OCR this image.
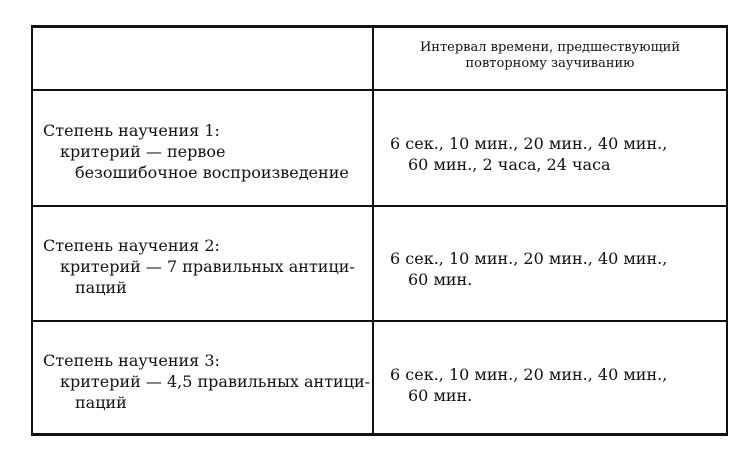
Интервал времени, предшествующий
повторному заучиванию
Степень научения 1:
критерий — первое
безошибочное воспроизведение
6 сек., 10 мин., 20 мин., 40 мин.,
60 мин., 2 часа, 24 часа
Степень научения 2:
критерий — 7 правильных антици-
паций
6 сек., 10 мин., 20 мин., 40 мин.,
60 мин.
Степень научения 3:
критерий — 4,5 правильных антици-
паций
6 сек., 10 мин., 20 мин., 40 мин.,
60 мин.
